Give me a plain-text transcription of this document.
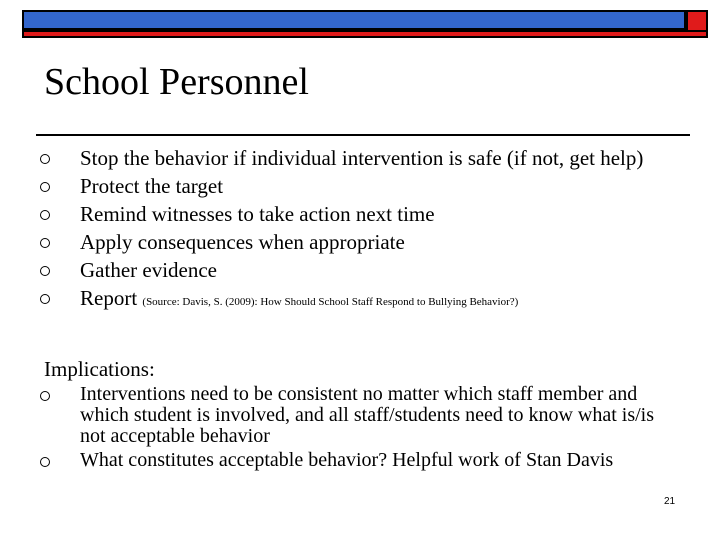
School Personnel
Stop the behavior if individual intervention is safe (if not, get help)
Protect the target
Remind witnesses to take action next time
Apply consequences when appropriate
Gather evidence
Report (Source: Davis, S. (2009): How Should School Staff Respond to Bullying Behavior?)

Implications:

Interventions need to be consistent no matter which staff member and which student is involved, and all staff/students need to know what is/is not acceptable behavior
What constitutes acceptable behavior? Helpful work of Stan Davis
21
